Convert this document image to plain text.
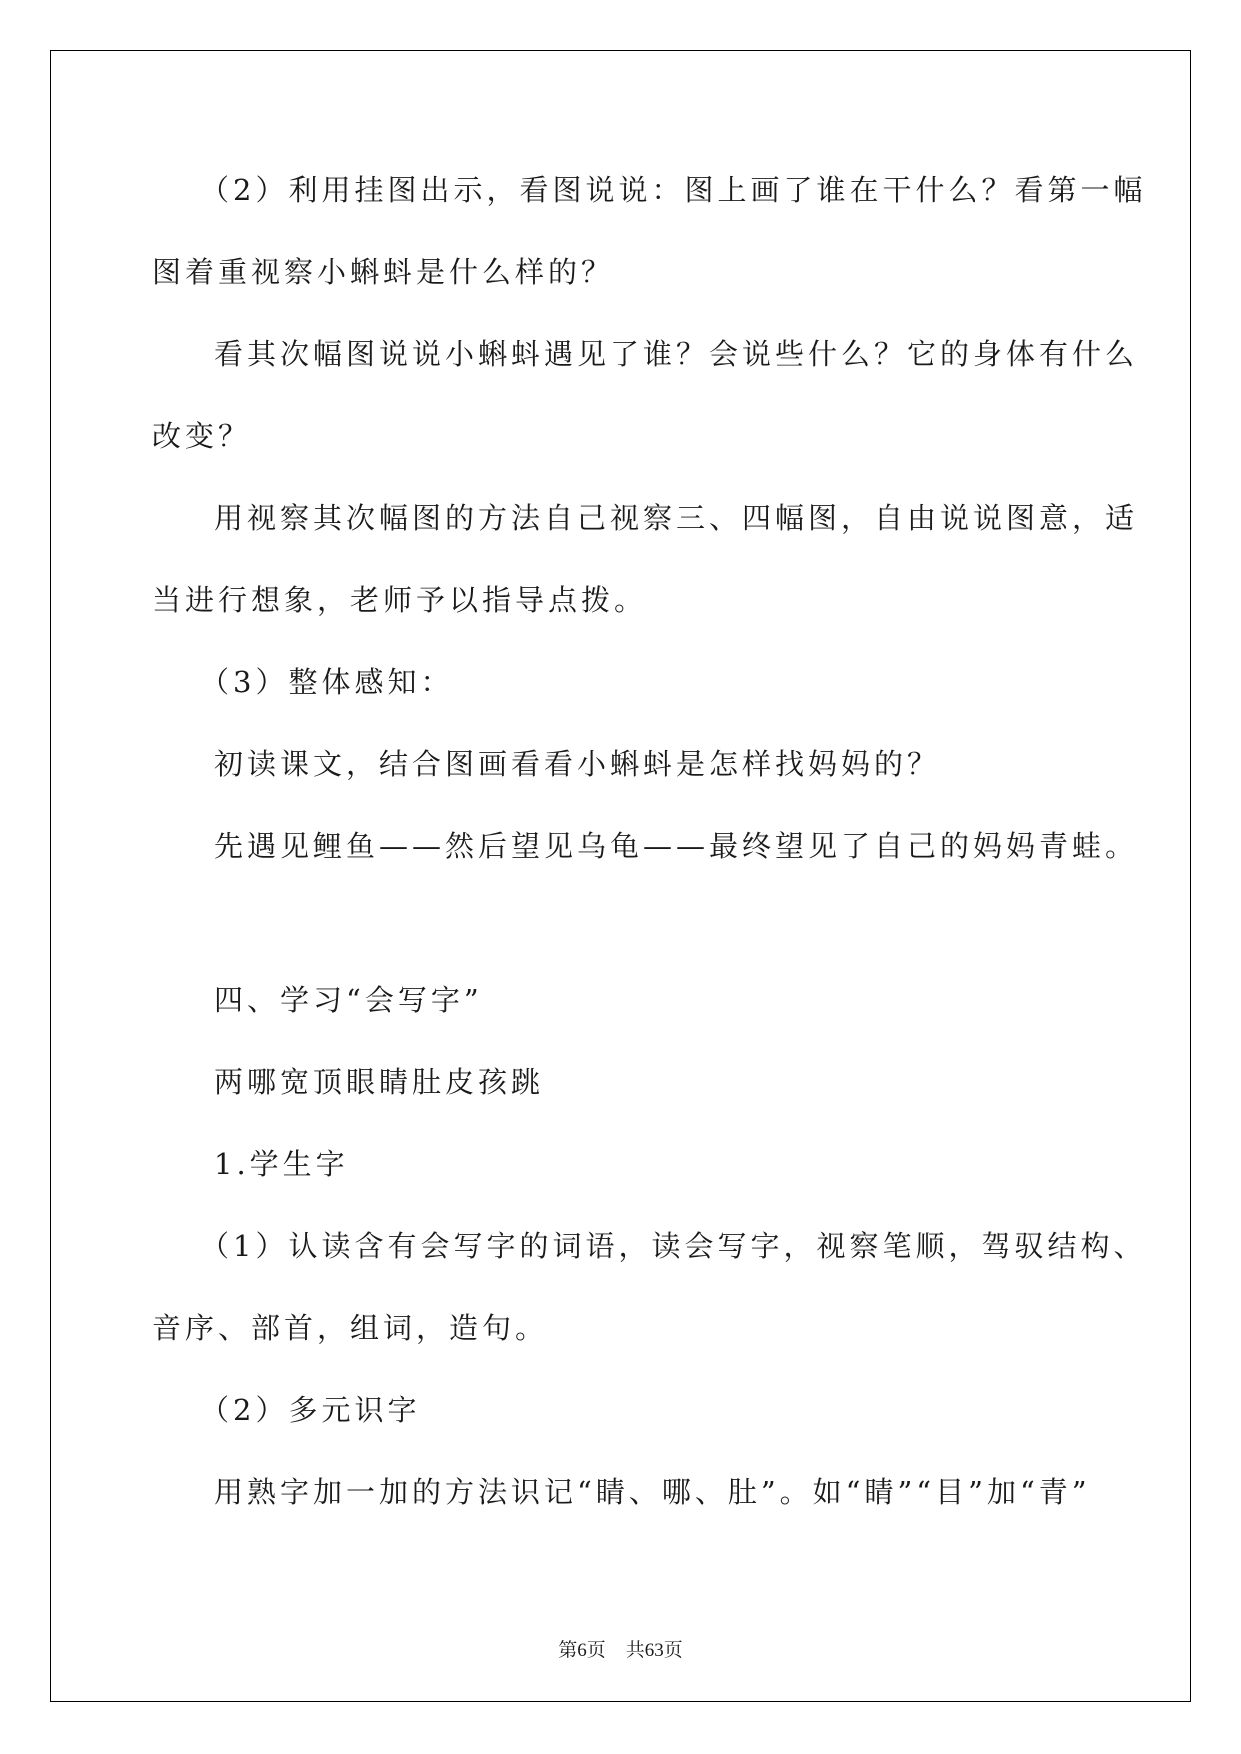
（2）利用挂图出示，看图说说：图上画了谁在干什么？看第一幅
图着重视察小蝌蚪是什么样的？
看其次幅图说说小蝌蚪遇见了谁？会说些什么？它的身体有什么
改变？
用视察其次幅图的方法自己视察三、四幅图，自由说说图意，适
当进行想象，老师予以指导点拨。
（3）整体感知：
初读课文，结合图画看看小蝌蚪是怎样找妈妈的？
先遇见鲤鱼——然后望见乌龟——最终望见了自己的妈妈青蛙。
四、学习“会写字”
两哪宽顶眼睛肚皮孩跳
1.学生字
（1）认读含有会写字的词语，读会写字，视察笔顺，驾驭结构、
音序、部首，组词，造句。
（2）多元识字
用熟字加一加的方法识记“睛、哪、肚”。如“睛”“目”加“青”
第6页 共63页
